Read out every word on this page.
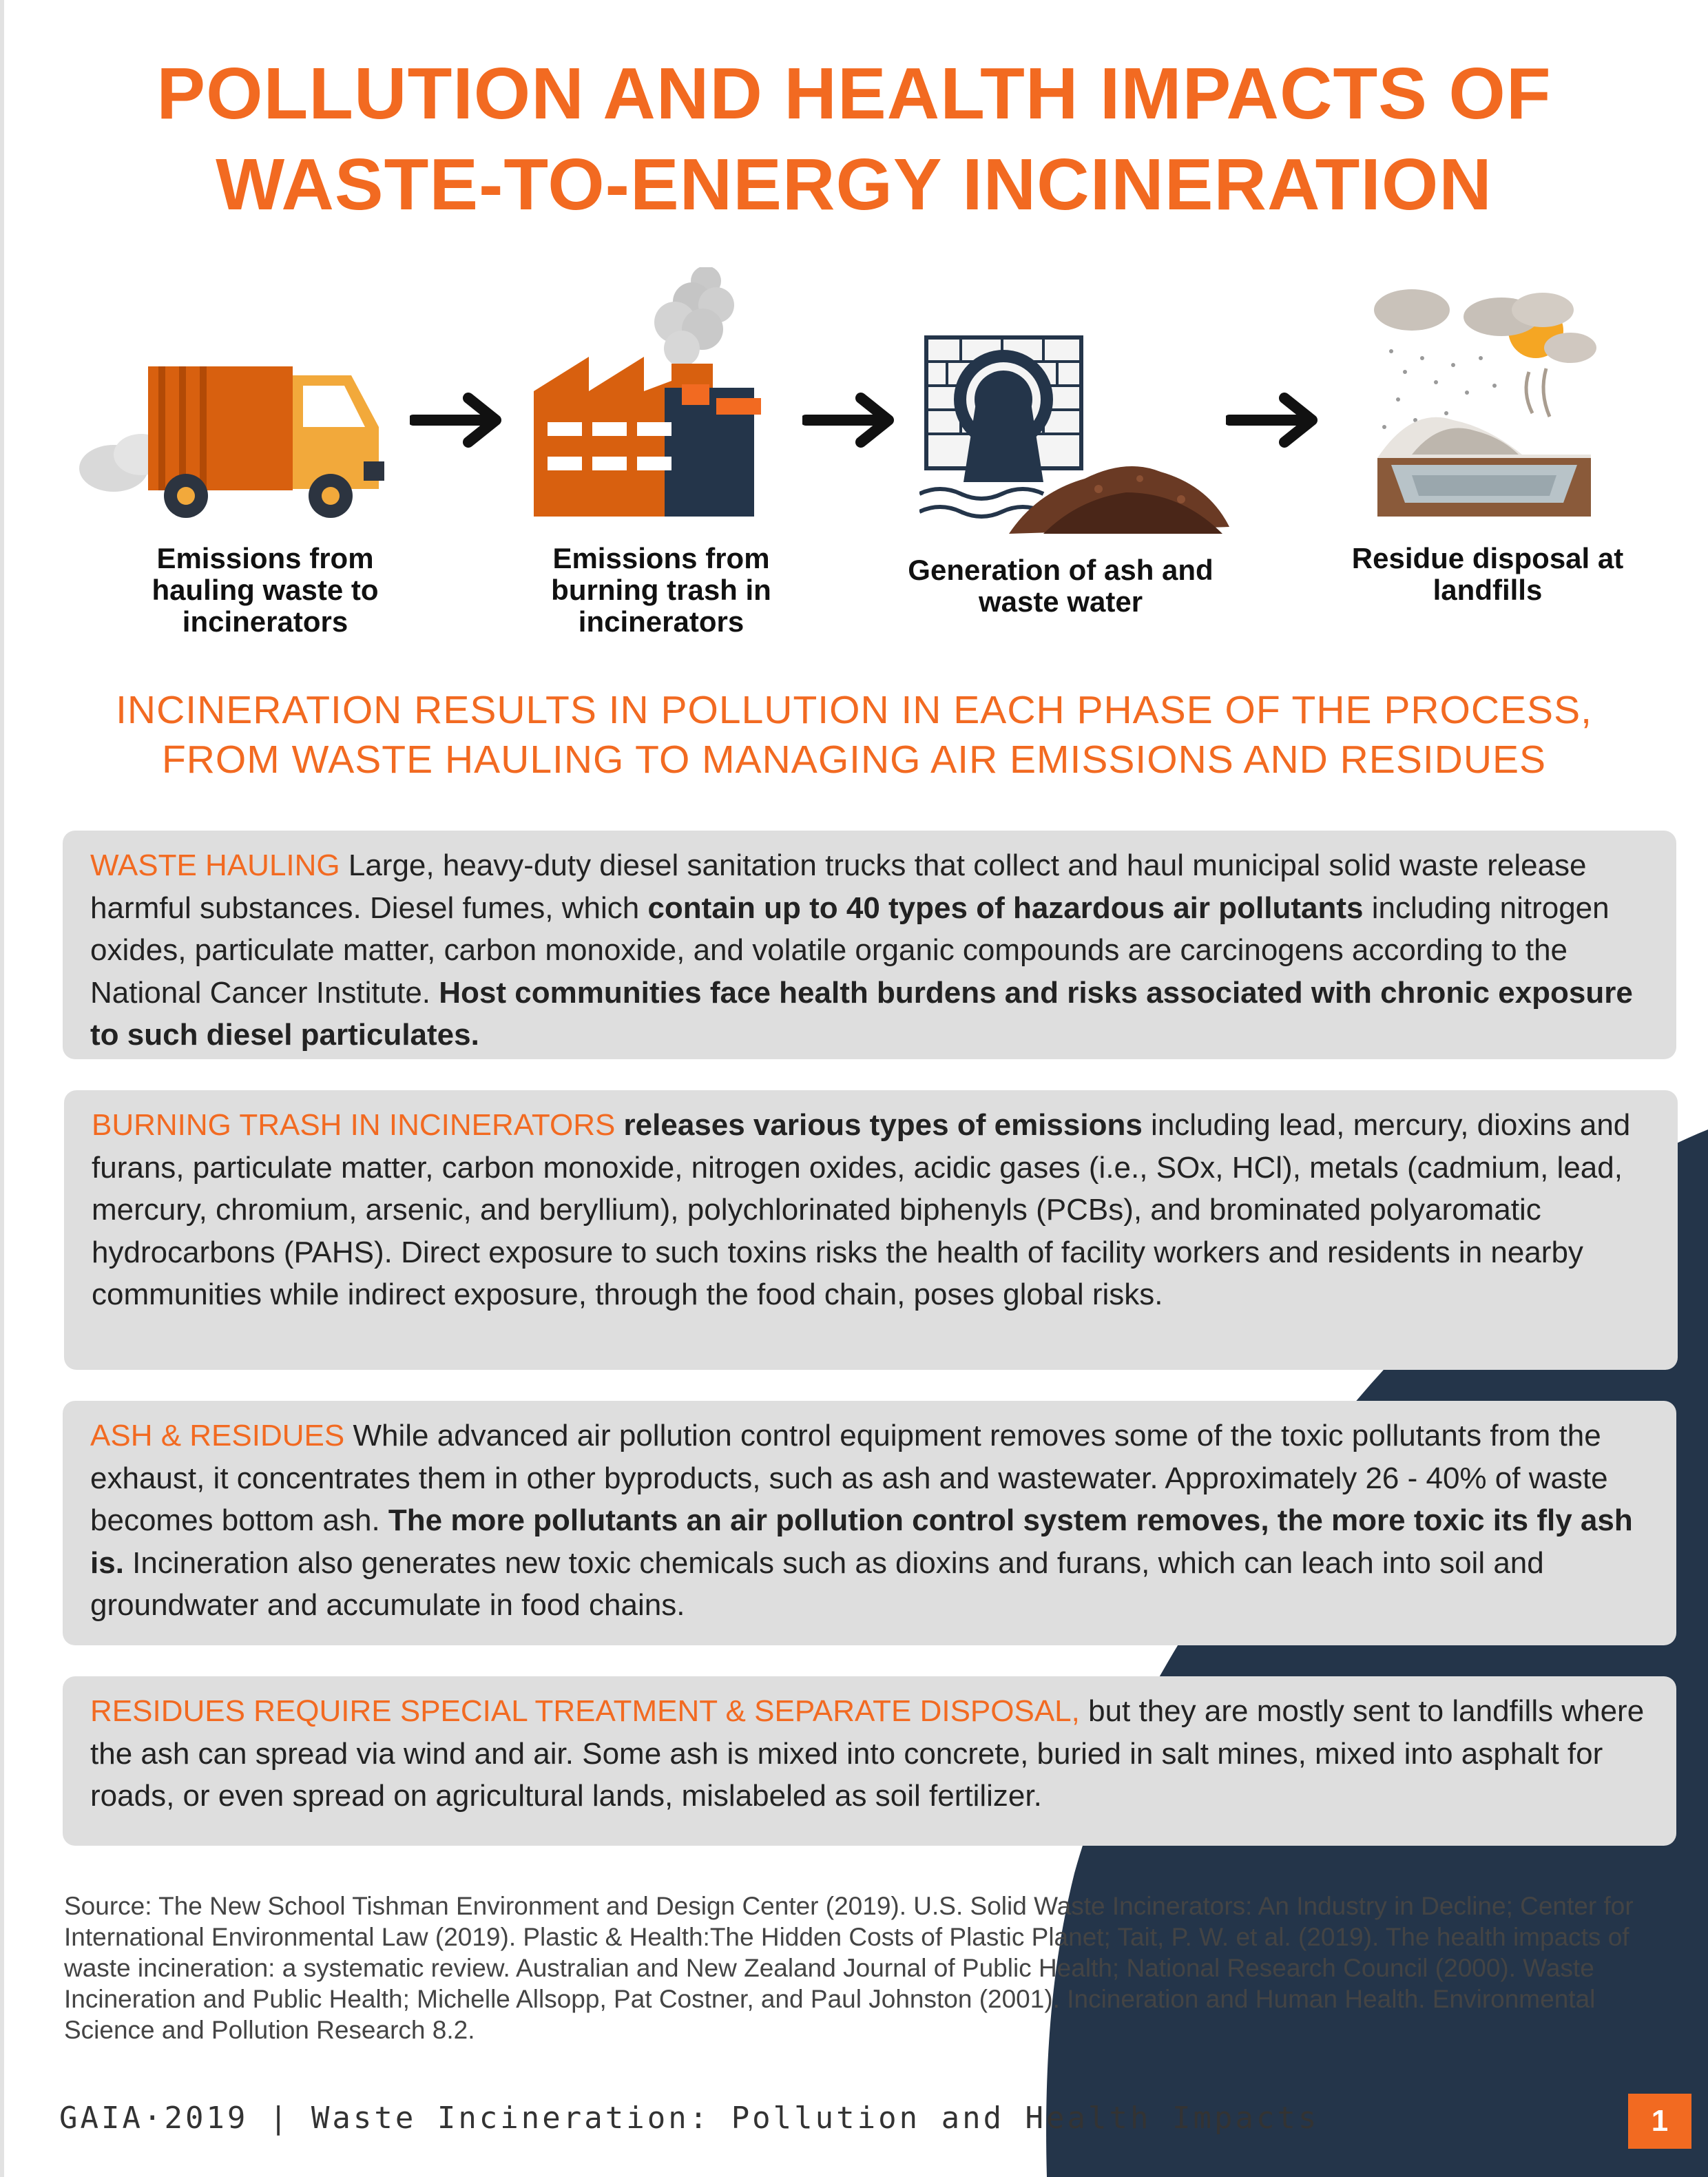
POLLUTION AND HEALTH IMPACTS OF
WASTE-TO-ENERGY INCINERATION
Emissions from
hauling waste to
incinerators
Emissions from
burning trash in
incinerators
Generation of ash and
waste water
Residue disposal at
landfills
INCINERATION RESULTS IN POLLUTION IN EACH PHASE OF THE PROCESS,
FROM WASTE HAULING TO MANAGING AIR EMISSIONS AND RESIDUES
WASTE HAULING Large, heavy-duty diesel sanitation trucks that collect and haul municipal solid waste release harmful substances. Diesel fumes, which contain up to 40 types of hazardous air pollutants including nitrogen oxides, particulate matter, carbon monoxide, and volatile organic compounds are carcinogens according to the National Cancer Institute. Host communities face health burdens and risks associated with chronic exposure to such diesel particulates.
BURNING TRASH IN INCINERATORS releases various types of emissions including lead, mercury, dioxins and furans, particulate matter, carbon monoxide, nitrogen oxides, acidic gases (i.e., SOx, HCl), metals (cadmium, lead, mercury, chromium, arsenic, and beryllium), polychlorinated biphenyls (PCBs), and brominated polyaromatic hydrocarbons (PAHS). Direct exposure to such toxins risks the health of facility workers and residents in nearby communities while indirect exposure, through the food chain, poses global risks.
ASH & RESIDUES While advanced air pollution control equipment removes some of the toxic pollutants from the exhaust, it concentrates them in other byproducts, such as ash and wastewater. Approximately 26 - 40% of waste becomes bottom ash. The more pollutants an air pollution control system removes, the more toxic its fly ash is. Incineration also generates new toxic chemicals such as dioxins and furans, which can leach into soil and groundwater and accumulate in food chains.
RESIDUES REQUIRE SPECIAL TREATMENT & SEPARATE DISPOSAL, but they are mostly sent to landfills where the ash can spread via wind and air. Some ash is mixed into concrete, buried in salt mines, mixed into asphalt for roads, or even spread on agricultural lands, mislabeled as soil fertilizer.
Source: The New School Tishman Environment and Design Center (2019). U.S. Solid Waste Incinerators: An Industry in Decline; Center for International Environmental Law (2019). Plastic & Health:The Hidden Costs of Plastic Planet; Tait, P. W. et al. (2019). The health impacts of waste incineration: a systematic review. Australian and New Zealand Journal of Public Health; National Research Council (2000). Waste Incineration and Public Health; Michelle Allsopp, Pat Costner, and Paul Johnston (2001). Incineration and Human Health. Environmental Science and Pollution Research 8.2.
GAIA·2019 | Waste Incineration: Pollution and Health Impacts	1
